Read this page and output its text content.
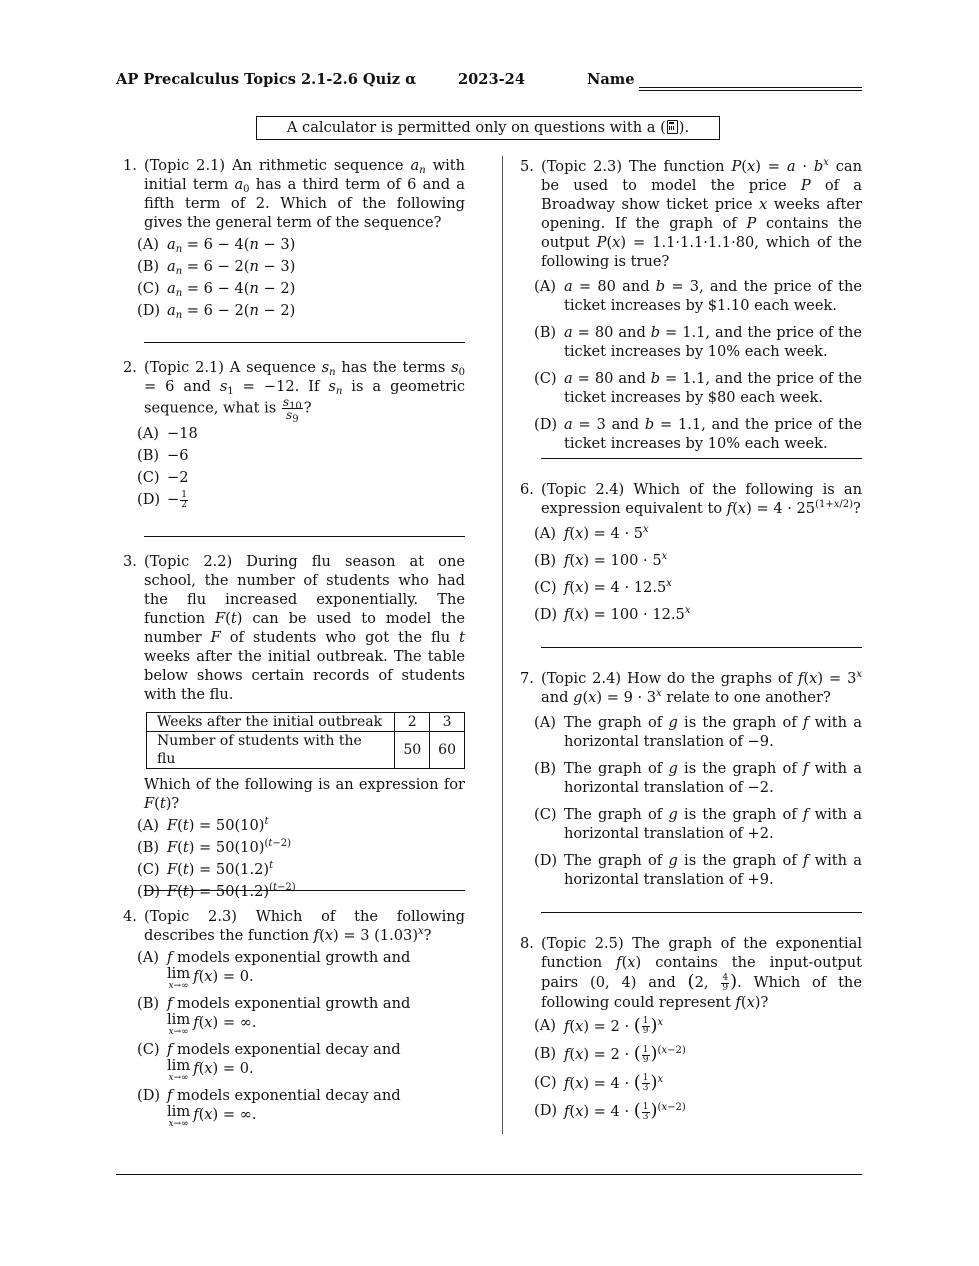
AP Precalculus Topics 2.1-2.6 Quiz α	2023-24	Name
A calculator is permitted only on questions with a ( ).
1. (Topic 2.1) An rithmetic sequence $a_n$ with initial term $a_0$ has a third term of 6 and a fifth term of 2. Which of the following gives the general term of the sequence?
(A) $a_n = 6 - 4(n - 3)$
(B) $a_n = 6 - 2(n - 3)$
(C) $a_n = 6 - 4(n - 2)$
(D) $a_n = 6 - 2(n - 2)$
2. (Topic 2.1) A sequence $s_n$ has the terms $s_0 = 6$ and $s_1 = -12$. If $s_n$ is a geometric sequence, what is $\frac{s_{10}}{s_9}$ ?
(A) −18
(B) −6
(C) −2
$(D) - \frac{1}{2}$
3. (Topic 2.2) During flu season at one school, the number of students who had the flu increased exponentially. The function F(t) can be used to model the number F of students who got the flu t weeks after the initial outbreak. The table below shows certain records of students with the flu.
Weeks after the initial outbreak	2	3
Number of students with the flu	50	60
Which of the following is an expression for F(t)?
(A) $F(t) = 50(10)^t$
(B) $F(t) = 50(10)^{(t-2)}$
(C) $F(t) = 50(1.2)^t$
(D) $F(t) = 50(1.2)^{(t-2)}$
4. (Topic 2.3) Which of the following describes the function f(x) = 3 $(1.03)^x$?
(A) f models exponential growth and
lim
x→∞
f(x) = 0.
(B) f models exponential growth and
lim
x→∞
f(x) = ∞.
(C) f models exponential decay and
lim
x→∞
f(x) = 0.
(D) f models exponential decay and
lim
x→∞
f(x) = ∞.
5. (Topic 2.3) The function $P(x) = a \cdot b^x$ can be used to model the price P of a Broadway show ticket price x weeks after opening. If the graph of P contains the output P(x) = 1.1·1.1·1.1·80, which of the following is true?
(A) a = 80 and b = 3, and the price of the ticket increases by $1.10 each week.
(B) a = 80 and b = 1.1, and the price of the ticket increases by 10% each week.
(C) a = 80 and b = 1.1, and the price of the ticket increases by $80 each week.
(D) a = 3 and b = 1.1, and the price of the ticket increases by 10% each week.
6. (Topic 2.4) Which of the following is an expression equivalent to $f(x) = 4 \cdot 25^{(1+x/2)}$?
(A) $f(x) = 4 \cdot 5^x$
(B) $f(x) = 100 \cdot 5^x$
(C) $f(x) = 4 \cdot 12.5^x$
(D) $f(x) = 100 \cdot 12.5^x$
7. (Topic 2.4) How do the graphs of $f(x) = 3^x$ and $g(x) = 9 \cdot 3^x$ relate to one another?
(A) The graph of g is the graph of f with a horizontal translation of −9.
(B) The graph of g is the graph of f with a horizontal translation of −2.
(C) The graph of g is the graph of f with a horizontal translation of +2.
(D) The graph of g is the graph of f with a horizontal translation of +9.
8. (Topic 2.5) The graph of the exponential function f(x) contains the input-output pairs (0, 4) and (2, $\frac{4}{9}$ ). Which of the following could represent f(x)?
(A) f(x) = 2 · ( $\frac{1}{9} )^x$
(B) f(x) = 2 · ( $\frac{1}{9} )^{(x-2)}$
(C) f(x) = 4 · ( $\frac{1}{3} )^x$
(D) f(x) = 4 · ( $\frac{1}{3} )^{(x-2)}$
